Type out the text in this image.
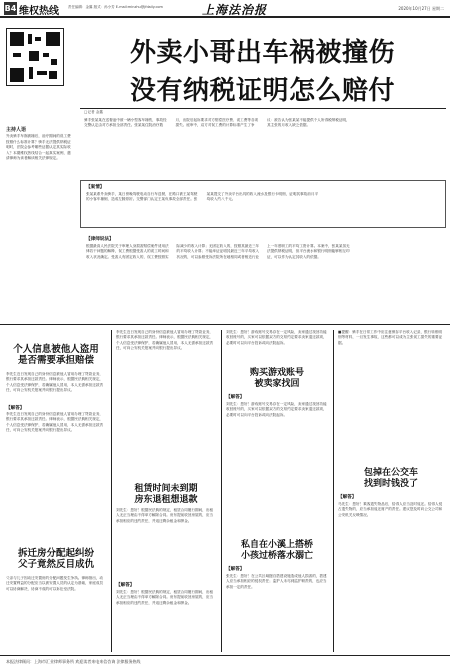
B4 维权热线	责任编辑：金翼 版式：孙小芳 E-mail:minzhu@jfdaily.com	上海法治报	2020年10月27日 星期二
主持人语
外卖骑手车祸被撞后，治疗期间的误工费按照什么标准计算？骑手无法提供纳税证明时，法院会参考哪些证据认定其实际收入？本期维权热线结合一起真实案例，邀请律师为读者解读相关法律规定。
外卖小哥出车祸被撞伤
没有纳税证明怎么赔付
□记者 金鑫
骑手张某某在送餐途中被一辆小型客车撞伤，事故经交警认定由对方承担全部责任。张某某住院治疗数月，出院后起诉要求对方赔偿医疗费、误工费等各项损失。庭审中，双方对误工费的计算标准产生了争议：被告认为张某某不能提供个人所得税纳税证明，其主张的月收入缺乏依据。
【案情】
张某某系外卖骑手，某日傍晚驾驶电动自行车送餐，在路口被王某驾驶的小客车撞倒，造成左腿骨折。交警部门认定王某负事故全部责任。张某某提交了外卖平台出具的收入流水及银行卡明细，证明其事故前月平均收入约八千元。
【律师说法】
根据最高人民法院关于审理人身损害赔偿案件适用法律若干问题的解释，误工费根据受害人的误工时间和收入状况确定。受害人有固定收入的，误工费按照实际减少的收入计算；无固定收入的，按照其最近三年的平均收入计算；不能举证证明其最近三年平均收入状况的，可以参照受诉法院所在地相同或者相近行业上一年度职工的平均工资计算。本案中，张某某虽无法提供纳税证明，但平台流水和银行明细能够相互印证，可以作为认定其收入的依据。
个人信息被他人盗用
是否需要承担赔偿
李先生近日发现自己的身份信息被他人冒用办理了贷款业务，银行要求其承担还款责任。律师表示，根据民法典相关规定，个人信息受法律保护，若确属他人冒用，本人无需承担还款责任，可向公安机关报案并向银行提出异议。
【解答】
李先生近日发现自己的身份信息被他人冒用办理了贷款业务，银行要求其承担还款责任。律师表示，根据民法典相关规定，个人信息受法律保护，若确属他人冒用，本人无需承担还款责任，可向公安机关报案并向银行提出异议。
拆迁房分配起纠纷
父子竟然反目成仇
父亲与儿子因动迁安置房的分配问题发生争执。律师指出，动迁安置利益的分配应当以被安置人员的认定为基础，家庭成员可以协商解决，协商不成的可以诉讼至法院。
李先生近日发现自己的身份信息被他人冒用办理了贷款业务，银行要求其承担还款责任。律师表示，根据民法典相关规定，个人信息受法律保护，若确属他人冒用，本人无需承担还款责任，可向公安机关报案并向银行提出异议。
租赁时间未到期
房东退租想退款
刘先生：您好！根据民法典的规定，租赁合同履行期间，出租人无正当理由不得单方解除合同。房东提前收回房屋的，应当承担相应的违约责任，并返还剩余租金和押金。
【解答】
刘先生：您好！根据民法典的规定，租赁合同履行期间，出租人无正当理由不得单方解除合同。房东提前收回房屋的，应当承担相应的违约责任，并返还剩余租金和押金。
刘先生：您好！游戏账号交易存在一定风险，卖家通过找回功能收回账号的，买家可以依据双方的交易约定要求卖家退还款项，必要时可以向平台投诉或向法院起诉。
购买游戏账号
被卖家找回
【解答】
刘先生：您好！游戏账号交易存在一定风险，卖家通过找回功能收回账号的，买家可以依据双方的交易约定要求卖家退还款项，必要时可以向平台投诉或向法院起诉。
私自在小溪上搭桥
小孩过桥落水溺亡
【解答】
张先生：您好！在公共区域擅自搭建设施造成他人损害的，搭建人应当承担相应的侵权责任；监护人未尽到监护职责的，也应当承担一定的责任。
■提醒：骑手在日常工作中应注意保存平台收入记录、银行转账明细等材料，一旦发生事故，这些都可以成为主张误工损失的重要证据。
包掉在公交车
找到时钱没了
【解答】
马先生：您好！乘客遗失物品后，拾得人应当及时返还。拾得人侵占遗失物的，应当承担返还财产的责任。建议您及时向公交公司和公安机关反映情况。
本报法律顾问：上海市汇业律师事务所 欢迎读者来电来信咨询 法律服务热线
